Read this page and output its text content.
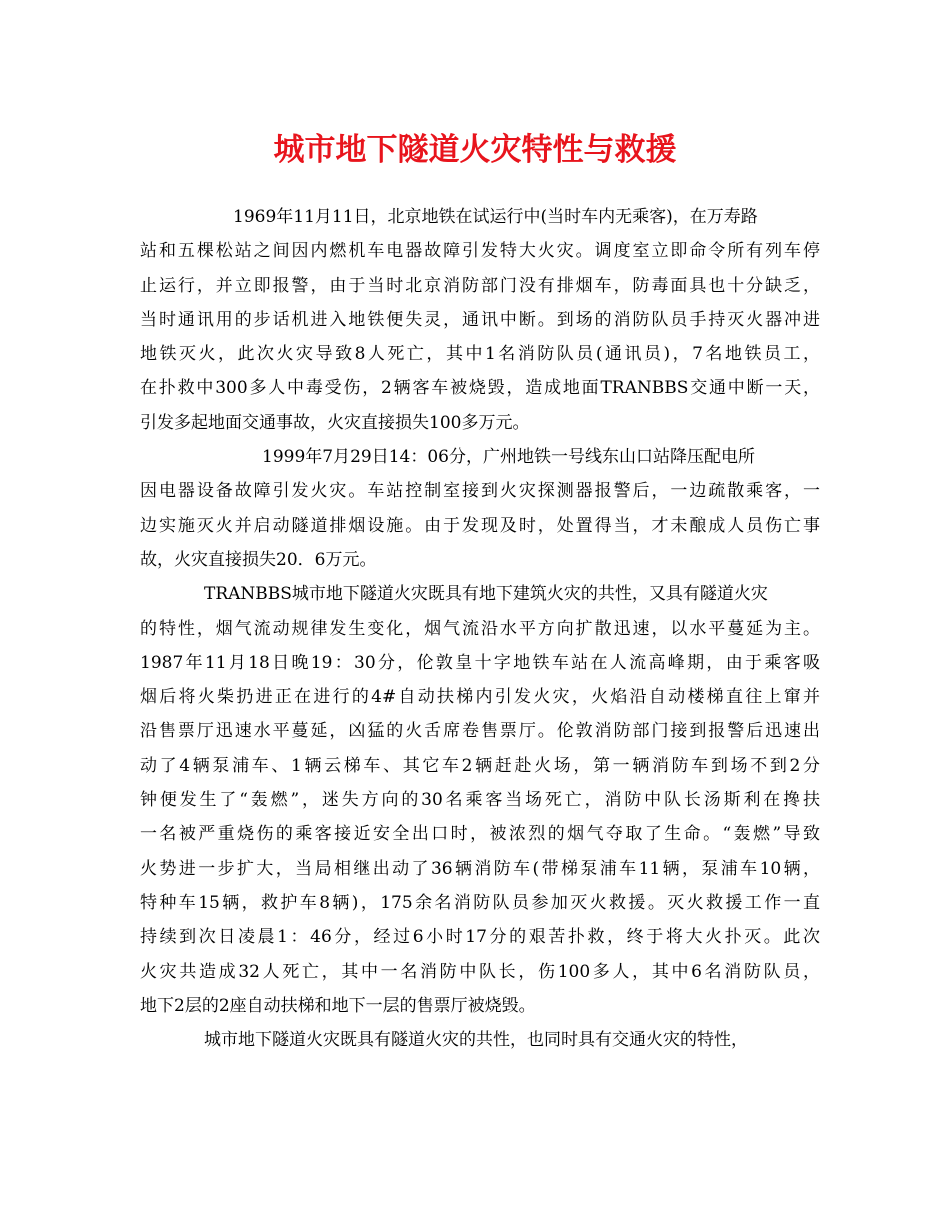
城市地下隧道火灾特性与救援
1969年11月11日，北京地铁在试运行中(当时车内无乘客)，在万寿路
站和五棵松站之间因内燃机车电器故障引发特大火灾。调度室立即命令所有列车停
止运行，并立即报警，由于当时北京消防部门没有排烟车，防毒面具也十分缺乏，
当时通讯用的步话机进入地铁便失灵，通讯中断。到场的消防队员手持灭火器冲进
地铁灭火，此次火灾导致8人死亡，其中1名消防队员(通讯员)，7名地铁员工，
在扑救中300多人中毒受伤，2辆客车被烧毁，造成地面TRANBBS交通中断一天，
引发多起地面交通事故，火灾直接损失100多万元。
1999年7月29日14：06分，广州地铁一号线东山口站降压配电所
因电器设备故障引发火灾。车站控制室接到火灾探测器报警后，一边疏散乘客，一
边实施灭火并启动隧道排烟设施。由于发现及时，处置得当，才未酿成人员伤亡事
故，火灾直接损失20．6万元。
TRANBBS城市地下隧道火灾既具有地下建筑火灾的共性，又具有隧道火灾
的特性，烟气流动规律发生变化，烟气流沿水平方向扩散迅速，以水平蔓延为主。
1987年11月18日晚19：30分，伦敦皇十字地铁车站在人流高峰期，由于乘客吸
烟后将火柴扔进正在进行的4#自动扶梯内引发火灾，火焰沿自动楼梯直往上窜并
沿售票厅迅速水平蔓延，凶猛的火舌席卷售票厅。伦敦消防部门接到报警后迅速出
动了4辆泵浦车、1辆云梯车、其它车2辆赶赴火场，第一辆消防车到场不到2分
钟便发生了“轰燃”，迷失方向的30名乘客当场死亡，消防中队长汤斯利在搀扶
一名被严重烧伤的乘客接近安全出口时，被浓烈的烟气夺取了生命。“轰燃”导致
火势进一步扩大，当局相继出动了36辆消防车(带梯泵浦车11辆，泵浦车10辆，
特种车15辆，救护车8辆)，175余名消防队员参加灭火救援。灭火救援工作一直
持续到次日凌晨1：46分，经过6小时17分的艰苦扑救，终于将大火扑灭。此次
火灾共造成32人死亡，其中一名消防中队长，伤100多人，其中6名消防队员，
地下2层的2座自动扶梯和地下一层的售票厅被烧毁。
城市地下隧道火灾既具有隧道火灾的共性，也同时具有交通火灾的特性，
